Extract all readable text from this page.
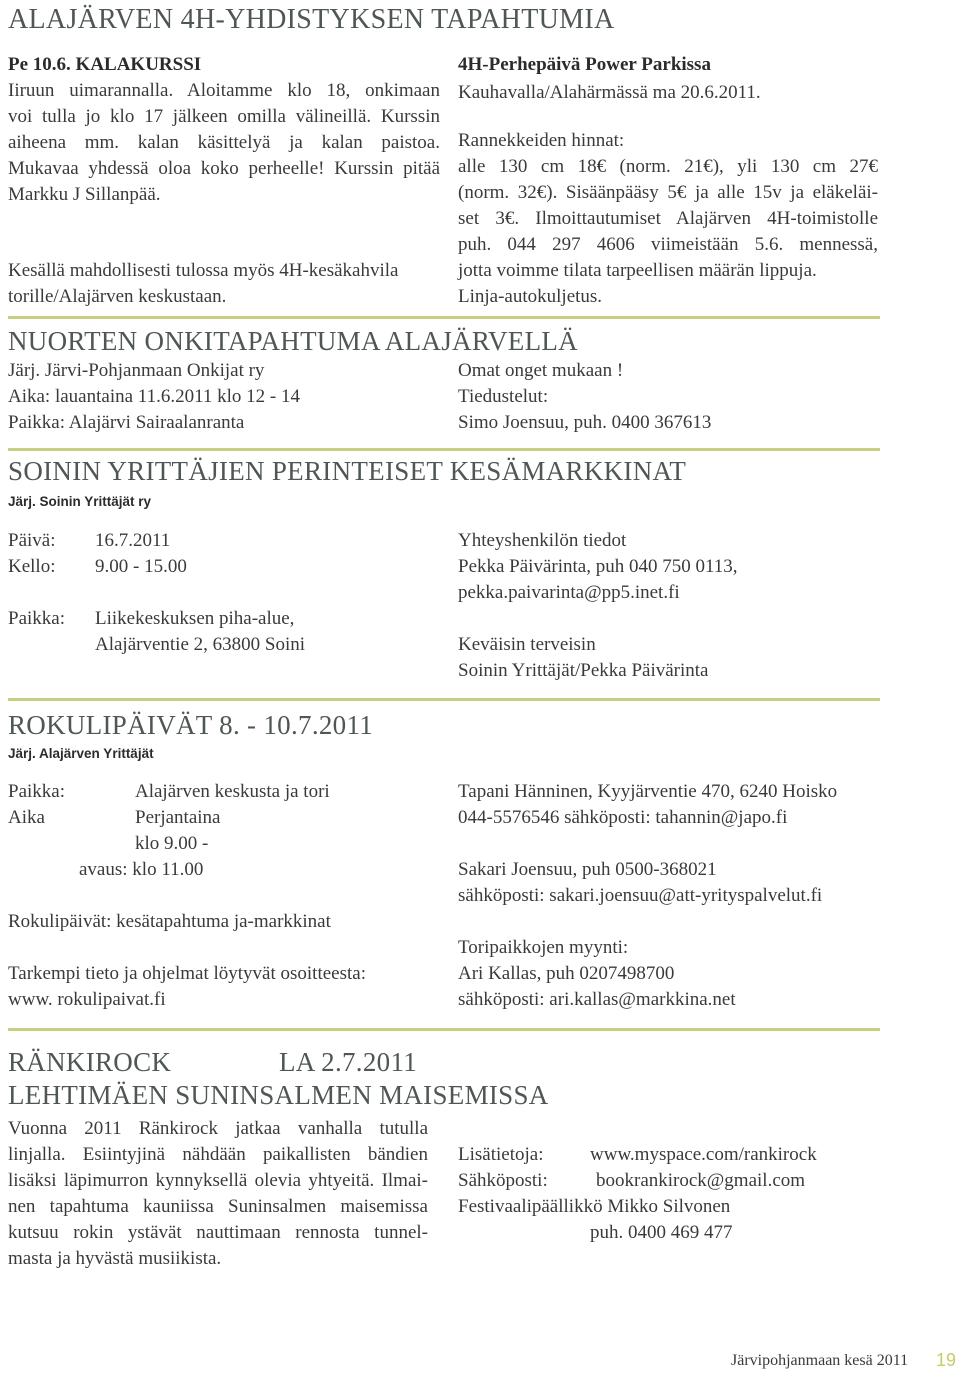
ALAJÄRVEN 4H-YHDISTYKSEN TAPAHTUMIA
Pe 10.6. KALAKURSSI
Iiruun uimarannalla. Aloitamme klo 18, onkimaan
voi tulla jo klo 17 jälkeen omilla välineillä. Kurssin
aiheena mm. kalan käsittelyä ja kalan paistoa.
Mukavaa yhdessä oloa koko perheelle! Kurssin pitää
Markku J Sillanpää.
Kesällä mahdollisesti tulossa myös 4H-kesäkahvila
torille/Alajärven keskustaan.
4H-Perhepäivä Power Parkissa
Kauhavalla/Alahärmässä ma 20.6.2011.
Rannekkeiden hinnat:
alle 130 cm 18€ (norm. 21€), yli 130 cm 27€
(norm. 32€). Sisäänpääsy 5€ ja alle 15v ja eläkeläi-
set 3€. Ilmoittautumiset Alajärven 4H-toimistolle
puh. 044 297 4606 viimeistään 5.6. mennessä,
jotta voimme tilata tarpeellisen määrän lippuja.
Linja-autokuljetus.
NUORTEN ONKITAPAHTUMA ALAJÄRVELLÄ
Järj. Järvi-Pohjanmaan Onkijat ry
Aika: lauantaina 11.6.2011 klo 12 - 14
Paikka: Alajärvi Sairaalanranta
Omat onget mukaan !
Tiedustelut:
Simo Joensuu, puh. 0400 367613
SOININ YRITTÄJIEN PERINTEISET KESÄMARKKINAT
Järj. Soinin Yrittäjät ry
Päivä: 16.7.2011
Kello: 9.00 - 15.00
Paikka: Liikekeskuksen piha-alue,
Alajärventie 2, 63800 Soini
Yhteyshenkilön tiedot
Pekka Päivärinta, puh 040 750 0113,
pekka.paivarinta@pp5.inet.fi
Keväisin terveisin
Soinin Yrittäjät/Pekka Päivärinta
ROKULIPÄIVÄT 8. - 10.7.2011
Järj. Alajärven Yrittäjät
Paikka:	Alajärven keskusta ja tori
Aika	Perjantaina
klo 9.00 -
avaus: klo 11.00
Rokulipäivät: kesätapahtuma ja-markkinat
Tarkempi tieto ja ohjelmat löytyvät osoitteesta:
www. rokulipaivat.fi
Tapani Hänninen, Kyyjärventie 470, 6240 Hoisko
044-5576546 sähköposti: tahannin@japo.fi
Sakari Joensuu, puh 0500-368021
sähköposti: sakari.joensuu@att-yrityspalvelut.fi
Toripaikkojen myynti:
Ari Kallas, puh 0207498700
sähköposti: ari.kallas@markkina.net
RÄNKIROCK	LA 2.7.2011
LEHTIMÄEN SUNINSALMEN MAISEMISSA
Vuonna 2011 Ränkirock jatkaa vanhalla tutulla
linjalla. Esiintyjinä nähdään paikallisten bändien
lisäksi läpimurron kynnyksellä olevia yhtyeitä. Ilmai-
nen tapahtuma kauniissa Suninsalmen maisemissa
kutsuu rokin ystävät nauttimaan rennosta tunnel-
masta ja hyvästä musiikista.
Lisätietoja: www.myspace.com/rankirock
Sähköposti:	bookrankirock@gmail.com
Festivaalipäällikkö Mikko Silvonen
puh. 0400 469 477
Järvipohjanmaan kesä 2011 19
